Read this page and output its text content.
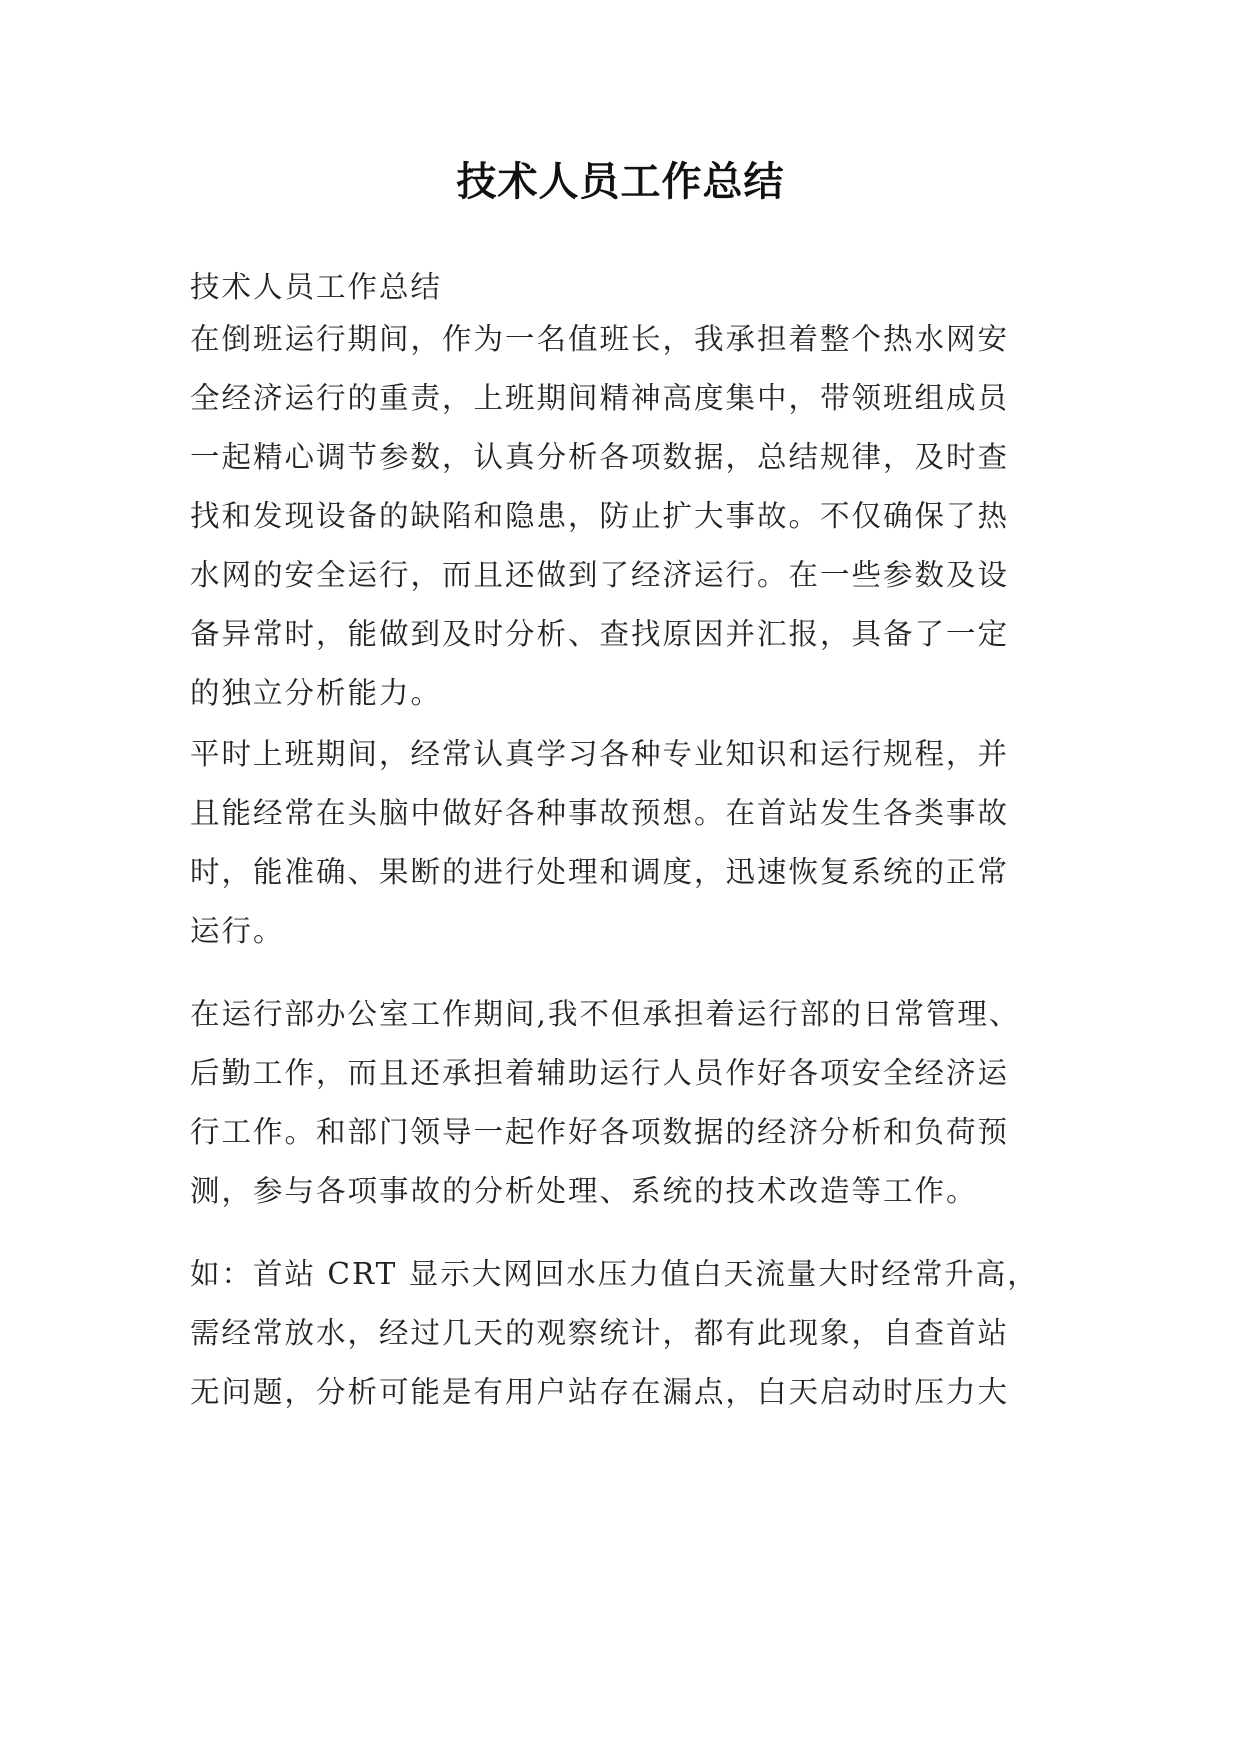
技术人员工作总结

技术人员工作总结

在倒班运行期间，作为一名值班长，我承担着整个热水网安
全经济运行的重责，上班期间精神高度集中，带领班组成员
一起精心调节参数，认真分析各项数据，总结规律，及时查
找和发现设备的缺陷和隐患，防止扩大事故。不仅确保了热
水网的安全运行，而且还做到了经济运行。在一些参数及设
备异常时，能做到及时分析、查找原因并汇报，具备了一定
的独立分析能力。

平时上班期间，经常认真学习各种专业知识和运行规程，并
且能经常在头脑中做好各种事故预想。在首站发生各类事故
时，能准确、果断的进行处理和调度，迅速恢复系统的正常
运行。

在运行部办公室工作期间,我不但承担着运行部的日常管理、
后勤工作，而且还承担着辅助运行人员作好各项安全经济运
行工作。和部门领导一起作好各项数据的经济分析和负荷预
测，参与各项事故的分析处理、系统的技术改造等工作。

如：首站 CRT 显示大网回水压力值白天流量大时经常升高，
需经常放水，经过几天的观察统计，都有此现象，自查首站
无问题，分析可能是有用户站存在漏点，白天启动时压力大
